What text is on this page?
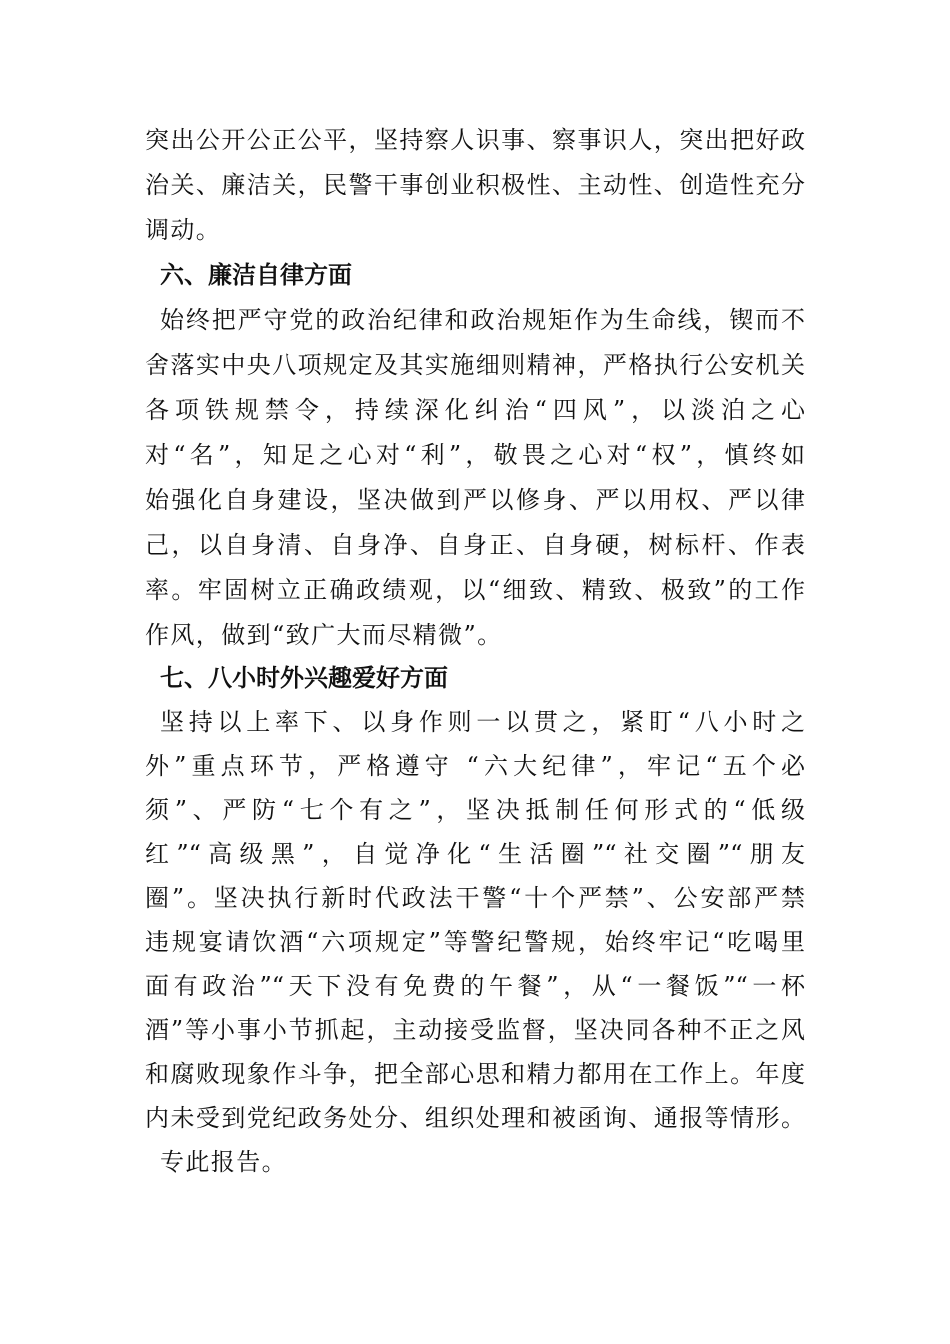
突出公开公正公平，坚持察人识事、察事识人，突出把好政
治关、廉洁关，民警干事创业积极性、主动性、创造性充分
调动。
六、廉洁自律方面
始终把严守党的政治纪律和政治规矩作为生命线，锲而不
舍落实中央八项规定及其实施细则精神，严格执行公安机关
各项铁规禁令，持续深化纠治“四风”，以淡泊之心
对“名”，知足之心对“利”，敬畏之心对“权”，慎终如
始强化自身建设，坚决做到严以修身、严以用权、严以律
己，以自身清、自身净、自身正、自身硬，树标杆、作表
率。牢固树立正确政绩观，以“细致、精致、极致”的工作
作风，做到“致广大而尽精微”。
七、八小时外兴趣爱好方面
坚持以上率下、以身作则一以贯之，紧盯“八小时之
外”重点环节，严格遵守 “六大纪律”，牢记“五个必
须”、严防“七个有之”，坚决抵制任何形式的“低级
红”“高级黑”，自觉净化“生活圈”“社交圈”“朋友
圈”。坚决执行新时代政法干警“十个严禁”、公安部严禁
违规宴请饮酒“六项规定”等警纪警规，始终牢记“吃喝里
面有政治”“天下没有免费的午餐”，从“一餐饭”“一杯
酒”等小事小节抓起，主动接受监督，坚决同各种不正之风
和腐败现象作斗争，把全部心思和精力都用在工作上。年度
内未受到党纪政务处分、组织处理和被函询、通报等情形。
专此报告。
